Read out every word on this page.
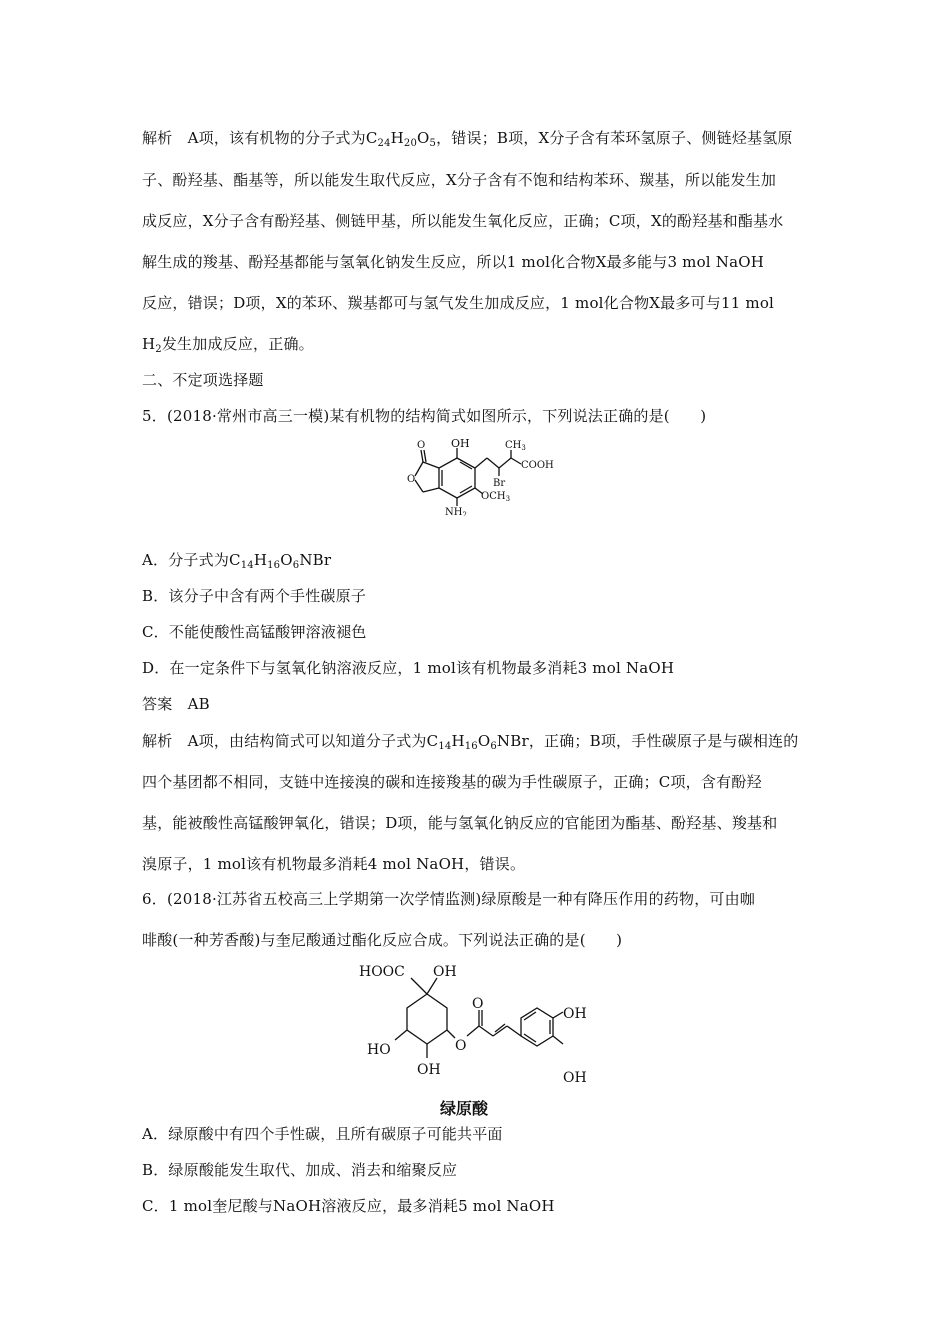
解析　A项，该有机物的分子式为$C_{24}H_{20}O_5$，错误；B项，X分子含有苯环氢原子、侧链烃基氢原
子、酚羟基、酯基等，所以能发生取代反应，X分子含有不饱和结构苯环、羰基，所以能发生加
成反应，X分子含有酚羟基、侧链甲基，所以能发生氧化反应，正确；C项，X的酚羟基和酯基水
解生成的羧基、酚羟基都能与氢氧化钠发生反应，所以1 mol化合物X最多能与3 mol NaOH
反应，错误；D项，X的苯环、羰基都可与氢气发生加成反应，1 mol化合物X最多可与11 mol
$H_2$发生加成反应，正确。
二、不定项选择题
5．(2018·常州市高三一模)某有机物的结构简式如图所示，下列说法正确的是(　　)
OH	$CH_3$
COOH
Br
$OCH_3$
$NH_2$
O
O
A．分子式为$C_{14}H_{16}O_6NBr$
B．该分子中含有两个手性碳原子
C．不能使酸性高锰酸钾溶液褪色
D．在一定条件下与氢氧化钠溶液反应，1 mol该有机物最多消耗3 mol NaOH
答案　AB
解析　A项，由结构简式可以知道分子式为$C_{14}H_{16}O_6NBr$，正确；B项，手性碳原子是与碳相连的
四个基团都不相同，支链中连接溴的碳和连接羧基的碳为手性碳原子，正确；C项，含有酚羟
基，能被酸性高锰酸钾氧化，错误；D项，能与氢氧化钠反应的官能团为酯基、酚羟基、羧基和
溴原子，1 mol该有机物最多消耗4 mol NaOH，错误。
6．(2018·江苏省五校高三上学期第一次学情监测)绿原酸是一种有降压作用的药物，可由咖
啡酸(一种芳香酸)与奎尼酸通过酯化反应合成。下列说法正确的是(　　)
HOOC OH
HO
OH
O
O
OH
OH
绿原酸
A．绿原酸中有四个手性碳，且所有碳原子可能共平面
B．绿原酸能发生取代、加成、消去和缩聚反应
C．1 mol奎尼酸与NaOH溶液反应，最多消耗5 mol NaOH
